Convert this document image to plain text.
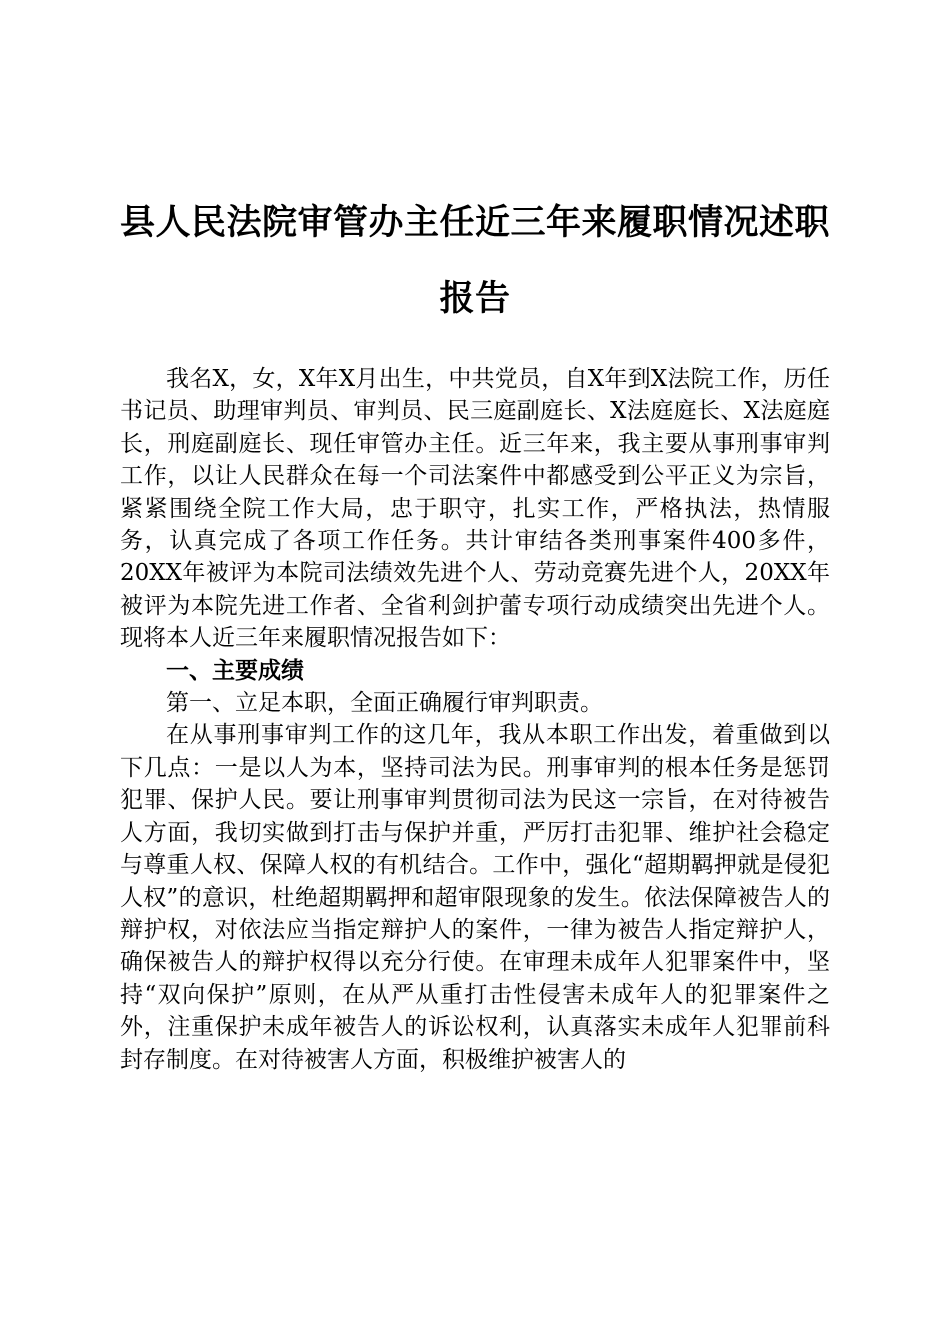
县人民法院审管办主任近三年来履职情况述职报告

我名X，女，X年X月出生，中共党员，自X年到X法院工作，历任书记员、助理审判员、审判员、民三庭副庭长、X法庭庭长、X法庭庭长，刑庭副庭长、现任审管办主任。近三年来，我主要从事刑事审判工作，以让人民群众在每一个司法案件中都感受到公平正义为宗旨，紧紧围绕全院工作大局，忠于职守，扎实工作，严格执法，热情服务，认真完成了各项工作任务。共计审结各类刑事案件400多件，20XX年被评为本院司法绩效先进个人、劳动竞赛先进个人，20XX年被评为本院先进工作者、全省利剑护蕾专项行动成绩突出先进个人。现将本人近三年来履职情况报告如下：

一、主要成绩

第一、立足本职，全面正确履行审判职责。

在从事刑事审判工作的这几年，我从本职工作出发，着重做到以下几点：一是以人为本，坚持司法为民。刑事审判的根本任务是惩罚犯罪、保护人民。要让刑事审判贯彻司法为民这一宗旨，在对待被告人方面，我切实做到打击与保护并重，严厉打击犯罪、维护社会稳定与尊重人权、保障人权的有机结合。工作中，强化“超期羁押就是侵犯人权”的意识，杜绝超期羁押和超审限现象的发生。依法保障被告人的辩护权，对依法应当指定辩护人的案件，一律为被告人指定辩护人，确保被告人的辩护权得以充分行使。在审理未成年人犯罪案件中，坚持“双向保护”原则，在从严从重打击性侵害未成年人的犯罪案件之外，注重保护未成年被告人的诉讼权利，认真落实未成年人犯罪前科封存制度。在对待被害人方面，积极维护被害人的
